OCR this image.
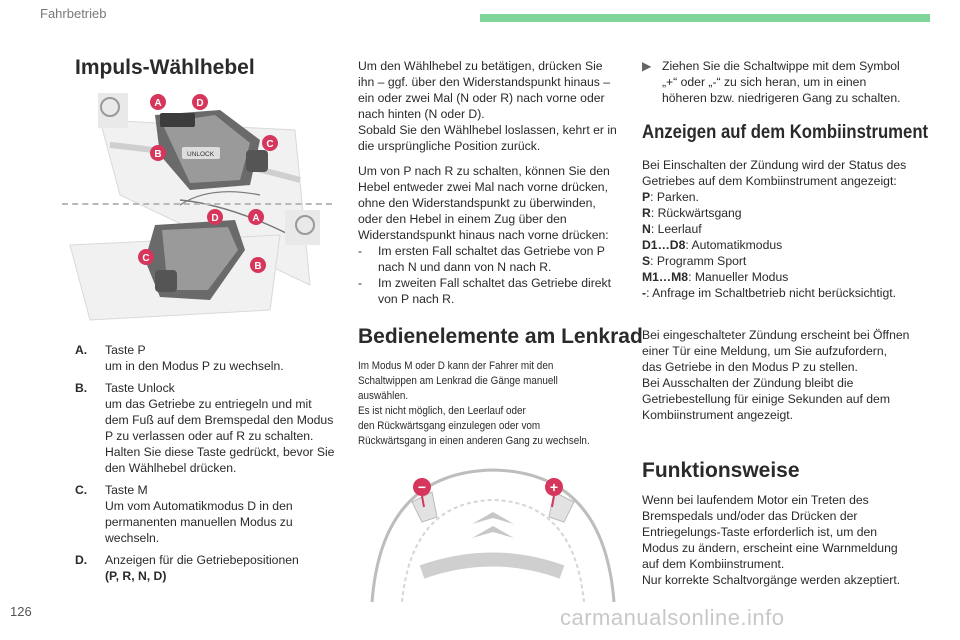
Fahrbetrieb
Impuls-Wählhebel
UNLOCK
A	D
C
B
D	A
C
B
A.	Taste P
um in den Modus P zu wechseln.
B.	Taste Unlock
um das Getriebe zu entriegeln und mit dem Fuß auf dem Bremspedal den Modus P zu verlassen oder auf R zu schalten. Halten Sie diese Taste gedrückt, bevor Sie den Wählhebel drücken.
C.	Taste M
Um vom Automatikmodus D in den permanenten manuellen Modus zu wechseln.
D.	Anzeigen für die Getriebepositionen
(P, R, N, D)
Um den Wählhebel zu betätigen, drücken Sie ihn – ggf. über den Widerstandspunkt hinaus – ein oder zwei Mal (N oder R) nach vorne oder nach hinten (N oder D).
Sobald Sie den Wählhebel loslassen, kehrt er in die ursprüngliche Position zurück.
Um von P nach R zu schalten, können Sie den Hebel entweder zwei Mal nach vorne drücken, ohne den Widerstandspunkt zu überwinden, oder den Hebel in einem Zug über den Widerstandspunkt hinaus nach vorne drücken:
-	Im ersten Fall schaltet das Getriebe von P nach N und dann von N nach R.
-	Im zweiten Fall schaltet das Getriebe direkt von P nach R.
Bedienelemente am Lenkrad
Im Modus M oder D kann der Fahrer mit den
Schaltwippen am Lenkrad die Gänge manuell
auswählen.
Es ist nicht möglich, den Leerlauf oder
den Rückwärtsgang einzulegen oder vom
Rückwärtsgang in einen anderen Gang zu wechseln.
−	+
▶ Ziehen Sie die Schaltwippe mit dem Symbol „+“ oder „-“ zu sich heran, um in einen höheren bzw. niedrigeren Gang zu schalten.
Anzeigen auf dem Kombiinstrument
Bei Einschalten der Zündung wird der Status des Getriebes auf dem Kombiinstrument angezeigt:
P: Parken.
R: Rückwärtsgang
N: Leerlauf
D1…D8: Automatikmodus
S: Programm Sport
M1…M8: Manueller Modus
-: Anfrage im Schaltbetrieb nicht berücksichtigt.
Bei eingeschalteter Zündung erscheint bei Öffnen einer Tür eine Meldung, um Sie aufzufordern, das Getriebe in den Modus P zu stellen.
Bei Ausschalten der Zündung bleibt die Getriebestellung für einige Sekunden auf dem Kombiinstrument angezeigt.
Funktionsweise
Wenn bei laufendem Motor ein Treten des Bremspedals und/oder das Drücken der Entriegelungs-Taste erforderlich ist, um den Modus zu ändern, erscheint eine Warnmeldung auf dem Kombiinstrument.
Nur korrekte Schaltvorgänge werden akzeptiert.
126	carmanualsonline.info
